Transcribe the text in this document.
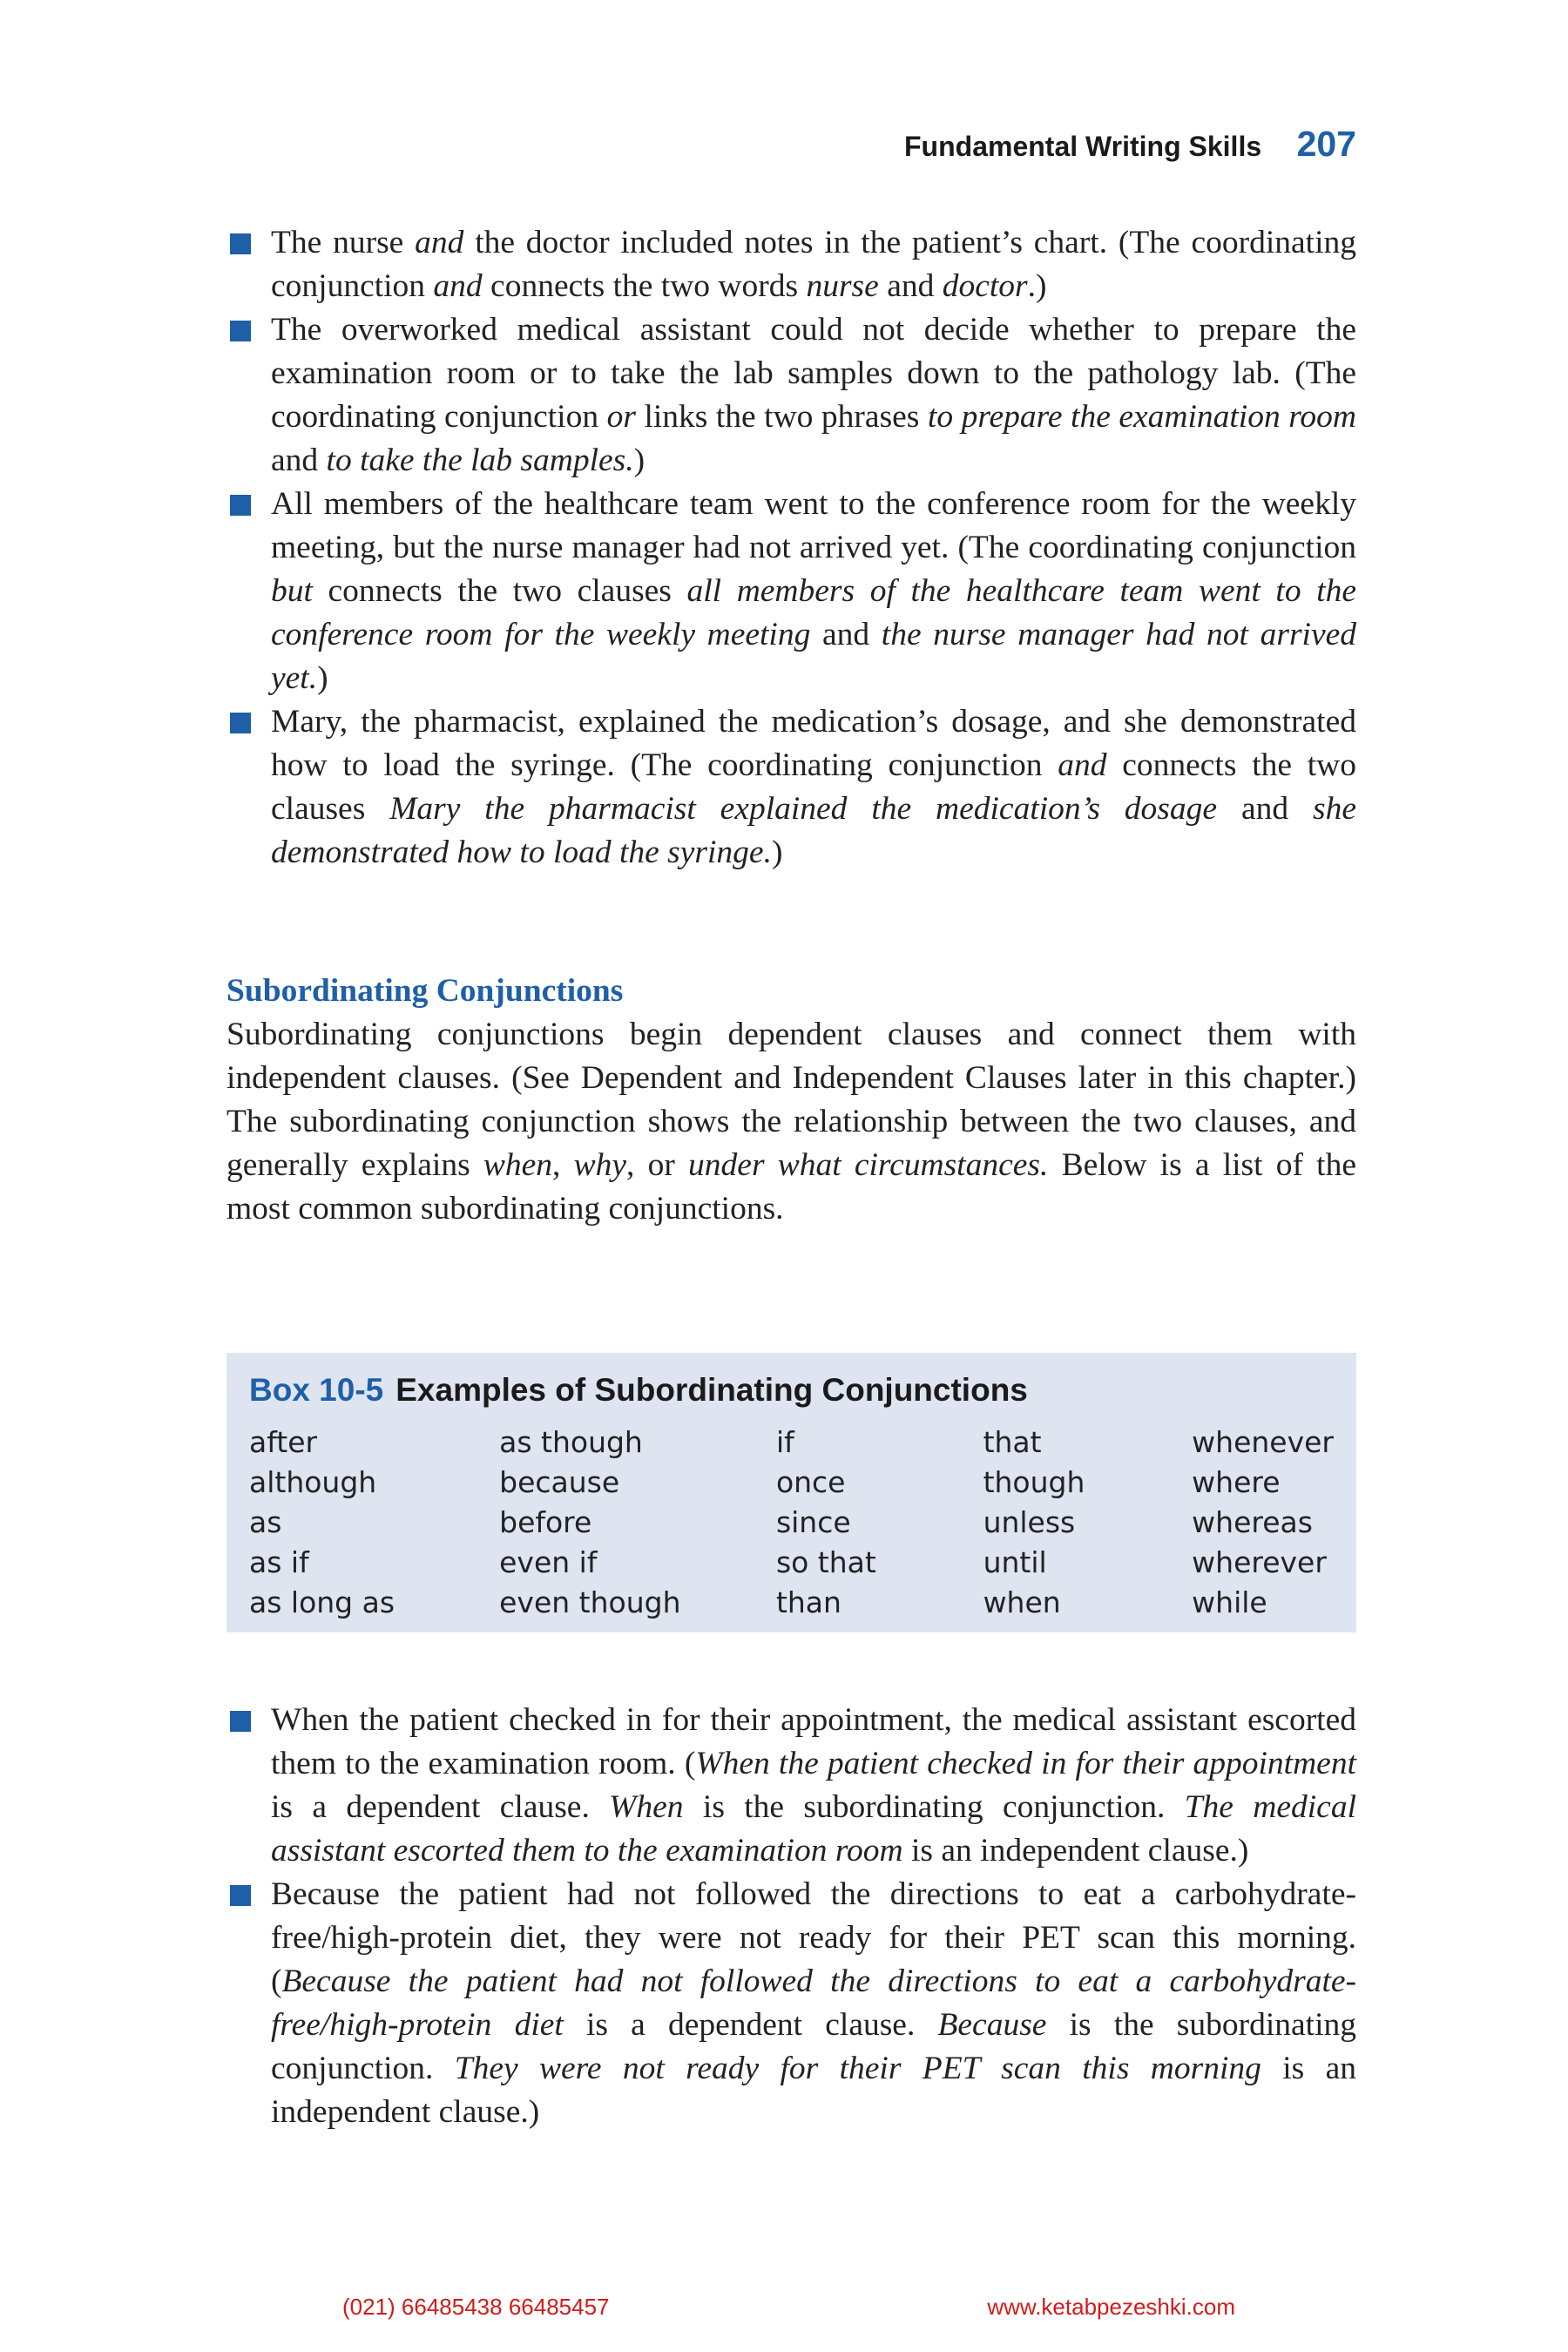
Fundamental Writing Skills 207
The nurse and the doctor included notes in the patient’s chart. (The coordinating conjunction and connects the two words nurse and doctor.)
The overworked medical assistant could not decide whether to prepare the examination room or to take the lab samples down to the pathology lab. (The coordinating conjunction or links the two phrases to prepare the examination room and to take the lab samples.)
All members of the healthcare team went to the conference room for the weekly meeting, but the nurse manager had not arrived yet. (The coordinating conjunction but connects the two clauses all members of the healthcare team went to the conference room for the weekly meeting and the nurse manager had not arrived yet.)
Mary, the pharmacist, explained the medication’s dosage, and she demonstrated how to load the syringe. (The coordinating conjunction and connects the two clauses Mary the pharmacist explained the medication’s dosage and she demonstrated how to load the syringe.)
Subordinating Conjunctions

Subordinating conjunctions begin dependent clauses and connect them with independent clauses. (See Dependent and Independent Clauses later in this chapter.) The subordinating conjunction shows the relationship between the two clauses, and generally explains when, why, or under what circumstances. Below is a list of the most common subordinating conjunctions.

Box 10-5 Examples of Subordinating Conjunctions
after
although
as
as if
as long as
as though
because
before
even if
even though
if
once
since
so that
than
that
though
unless
until
when
whenever
where
whereas
wherever
while
When the patient checked in for their appointment, the medical assistant escorted them to the examination room. (When the patient checked in for their appointment is a dependent clause. When is the subordinating conjunction. The medical assistant escorted them to the examination room is an independent clause.)
Because the patient had not followed the directions to eat a carbohydrate-free/high-protein diet, they were not ready for their PET scan this morning. (Because the patient had not followed the directions to eat a carbohydrate-free/high-protein diet is a dependent clause. Because is the subordinating conjunction. They were not ready for their PET scan this morning is an independent clause.)
(021) 66485438 66485457	www.ketabpezeshki.com
